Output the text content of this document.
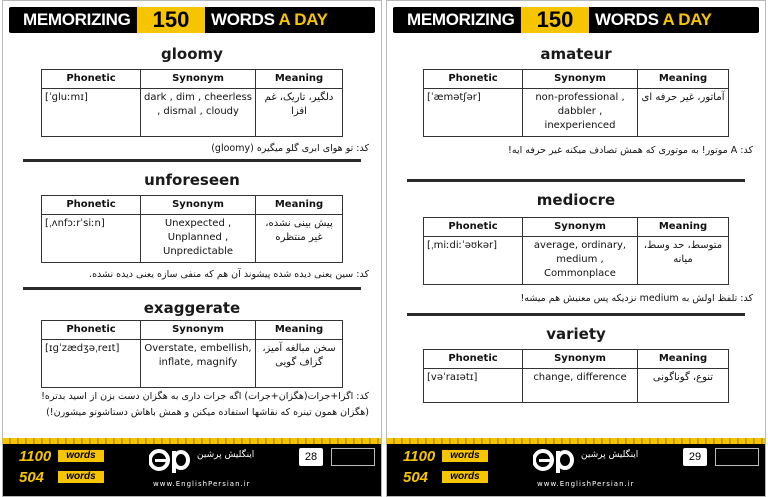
MEMORIZING	150	WORDS A DAY
gloomy
Phonetic	Synonym	Meaning
[ˈɡluːmɪ]	dark , dim , cheerless , dismal , cloudy	دلگیر، تاریک، غم افزا
کد: تو هوای ابری گلو میگیره (gloomy)
unforeseen
Phonetic	Synonym	Meaning
[ˌʌnfɔːrˈsiːn]	Unexpected , Unplanned , Unpredictable	پیش بینی نشده، غیر منتظره
کد: سین یعنی دیده شده پیشوند آن هم که منفی سازه یعنی دیده نشده.
exaggerate
Phonetic	Synonym	Meaning
[ɪɡˈzædʒəˌreɪt]	Overstate, embellish, inflate, magnify	سخن مبالغه آمیز، گزاف گویی
کد: اگزا+جرات(هگزان+جرات) اگه جرات داری به هگزان دست بزن از اسید بدتره!(هگزان همون تینره که نقاشها استفاده میکنن و همش باهاش دستاشونو میشورن!)
1100	words
504	words
اینگلیش پرشین
www.EnglishPersian.ir
28
MEMORIZING	150	WORDS A DAY
amateur
Phonetic	Synonym	Meaning
[ˈæmətʃər]	non-professional , dabbler , inexperienced	آماتور، غیر حرفه ای
کد: A موتور! به موتوری که همش تصادف میکنه غیر حرفه ایه!
mediocre
Phonetic	Synonym	Meaning
[ˌmiːdiːˈəʊkər]	average, ordinary, medium , Commonplace	متوسط، حد وسط، میانه
کد: تلفظ اولش به medium نزدیکه پس معنیش هم میشه!
variety
Phonetic	Synonym	Meaning
[vəˈraɪətɪ]	change, difference	تنوع، گوناگونی
1100	words
504	words
اینگلیش پرشین
www.EnglishPersian.ir
29
